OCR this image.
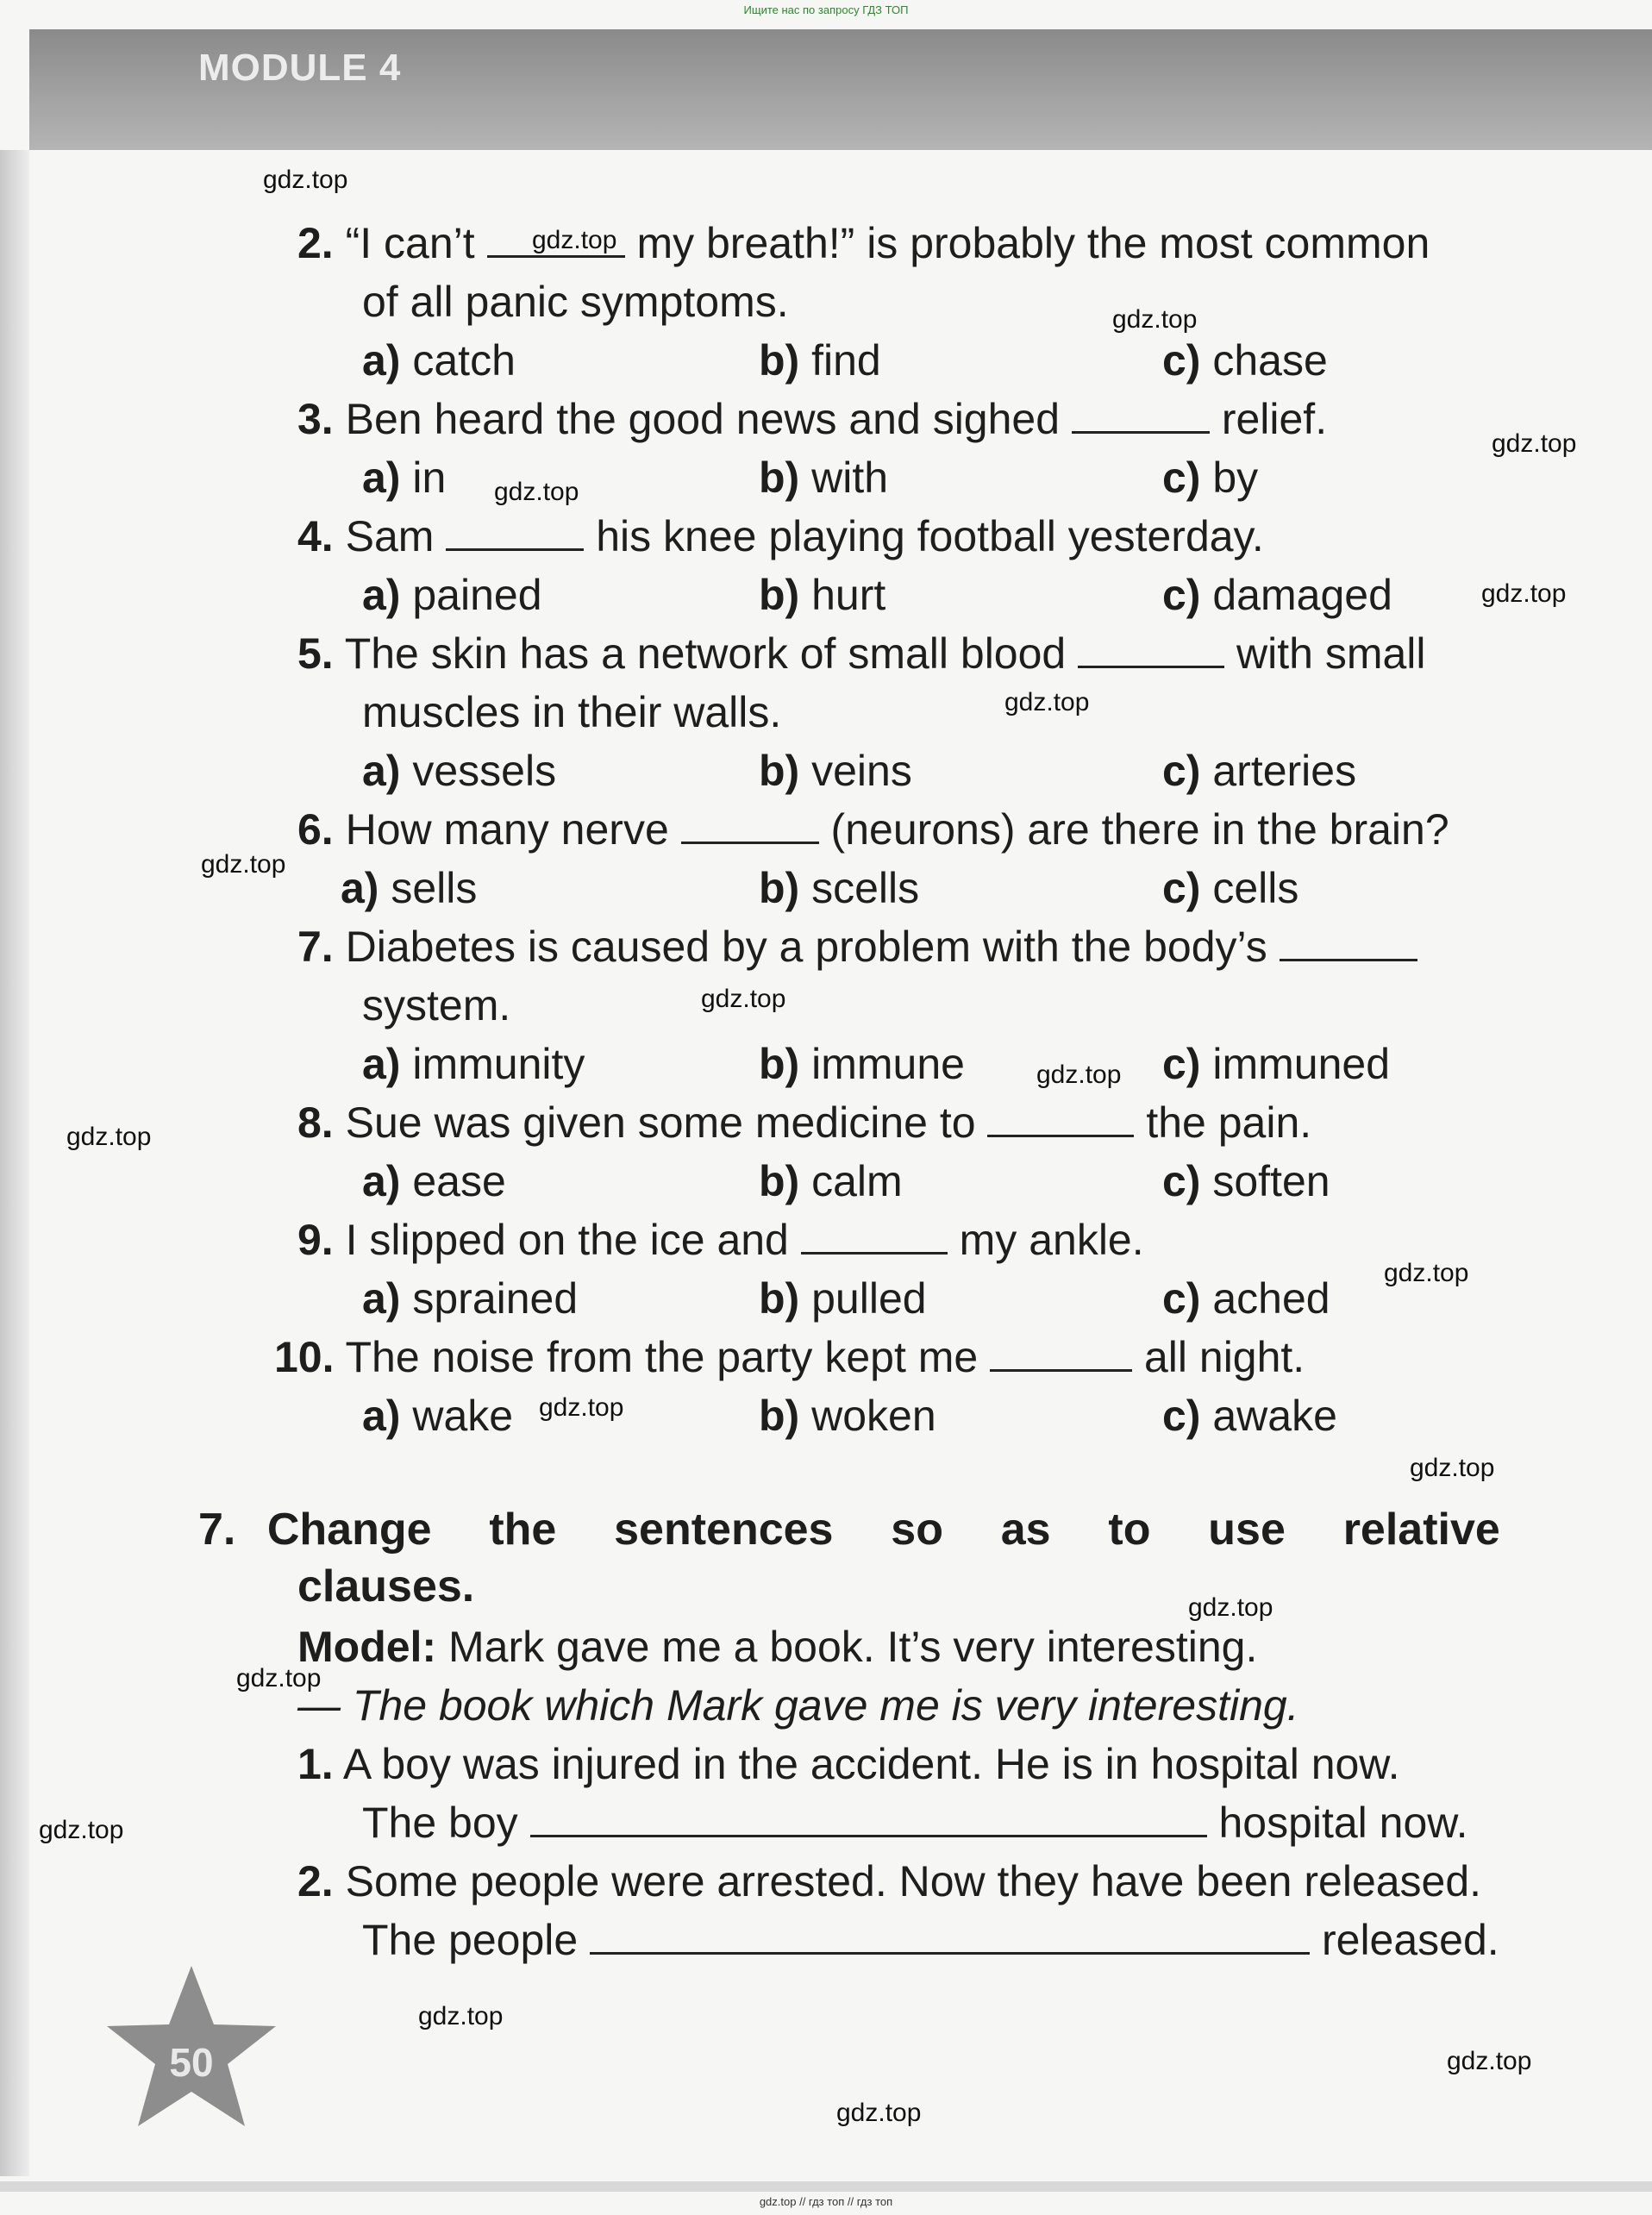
Ищите нас по запросу ГДЗ ТОП
MODULE 4
2. “I can’t	my breath!” is probably the most common
of all panic symptoms.
a) catch	b) find	c) chase
3. Ben heard the good news and sighed	relief.
a) in	b) with	c) by
4. Sam	his knee playing football yesterday.
a) pained	b) hurt	c) damaged
5. The skin has a network of small blood	with small
muscles in their walls.
a) vessels	b) veins	c) arteries
6. How many nerve	(neurons) are there in the brain?
a) sells	b) scells	c) cells
7. Diabetes is caused by a problem with the body’s
system.
a) immunity	b) immune	c) immuned
8. Sue was given some medicine to	the pain.
a) ease	b) calm	c) soften
9. I slipped on the ice and	my ankle.
a) sprained	b) pulled	c) ached
10. The noise from the party kept me	all night.
a) wake	b) woken	c) awake
7. Change the sentences so as to use relative
clauses.
Model: Mark gave me a book. It’s very interesting.
— The book which Mark gave me is very interesting.
1. A boy was injured in the accident. He is in hospital now.
The boy	hospital now.
2. Some people were arrested. Now they have been released.
The people	released.
50
gdz.top
gdz.top
gdz.top
gdz.top
gdz.top
gdz.top
gdz.top
gdz.top
gdz.top
gdz.top
gdz.top
gdz.top
gdz.top
gdz.top
gdz.top
gdz.top
gdz.top
gdz.top
gdz.top
gdz.top
gdz.top // гдз топ // гдз топ
